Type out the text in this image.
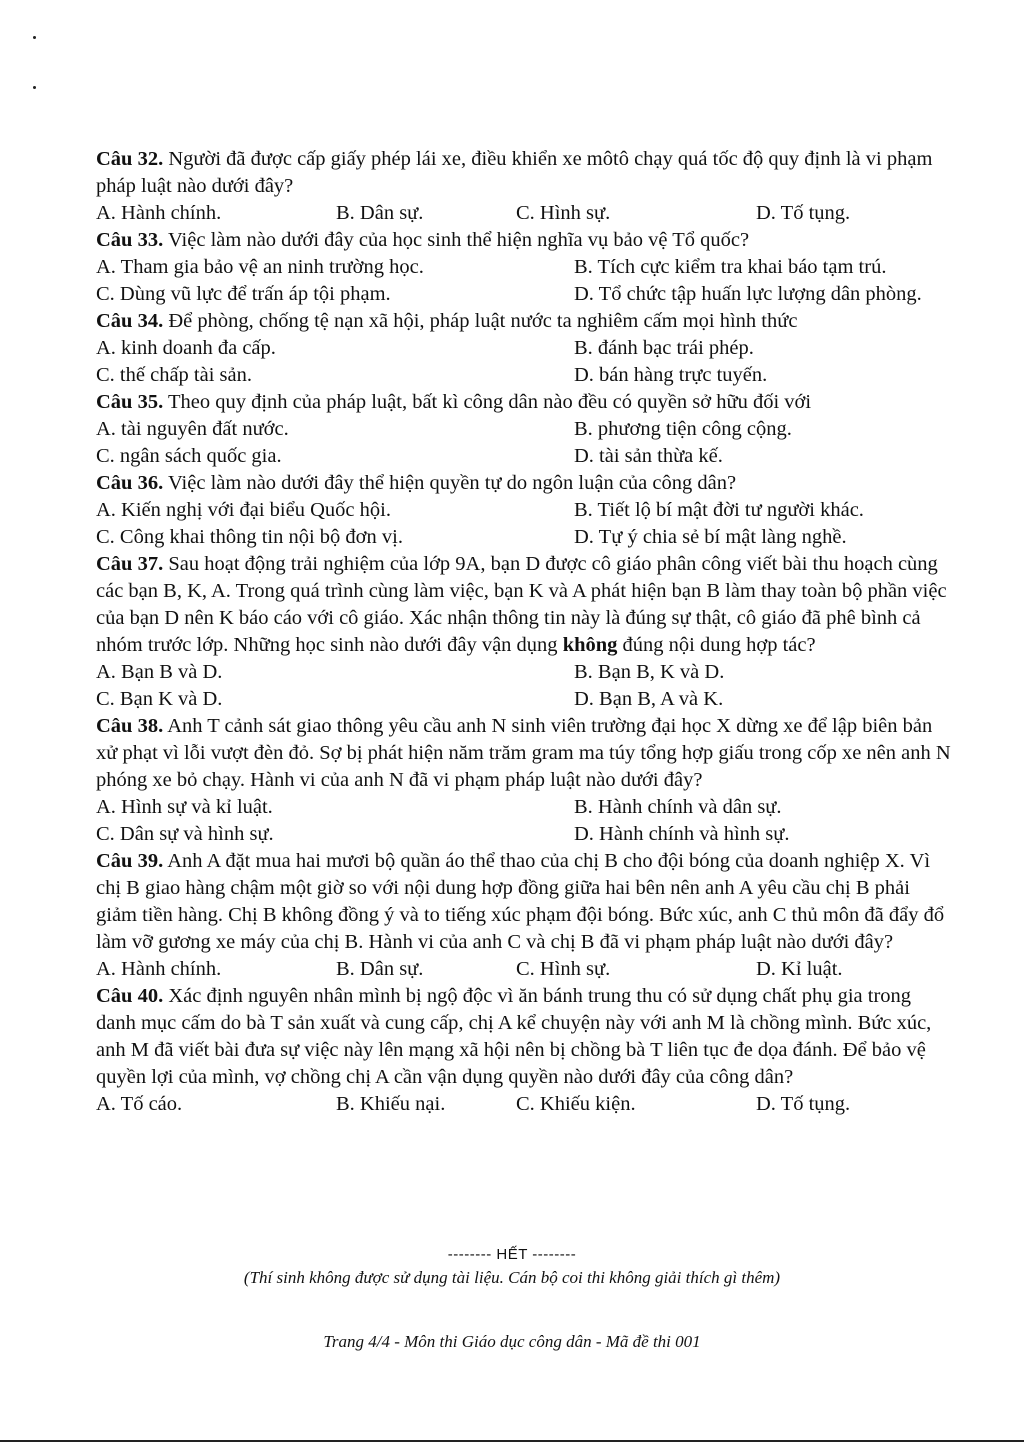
Câu 32. Người đã được cấp giấy phép lái xe, điều khiển xe môtô chạy quá tốc độ quy định là vi phạm pháp luật nào dưới đây?

A. Hành chính.	B. Dân sự.	C. Hình sự.	D. Tố tụng.

Câu 33. Việc làm nào dưới đây của học sinh thể hiện nghĩa vụ bảo vệ Tổ quốc?

A. Tham gia bảo vệ an ninh trường học.	B. Tích cực kiểm tra khai báo tạm trú.
C. Dùng vũ lực để trấn áp tội phạm.	D. Tổ chức tập huấn lực lượng dân phòng.

Câu 34. Để phòng, chống tệ nạn xã hội, pháp luật nước ta nghiêm cấm mọi hình thức

A. kinh doanh đa cấp.	B. đánh bạc trái phép.
C. thế chấp tài sản.	D. bán hàng trực tuyến.

Câu 35. Theo quy định của pháp luật, bất kì công dân nào đều có quyền sở hữu đối với

A. tài nguyên đất nước.	B. phương tiện công cộng.
C. ngân sách quốc gia.	D. tài sản thừa kế.

Câu 36. Việc làm nào dưới đây thể hiện quyền tự do ngôn luận của công dân?

A. Kiến nghị với đại biểu Quốc hội.	B. Tiết lộ bí mật đời tư người khác.
C. Công khai thông tin nội bộ đơn vị.	D. Tự ý chia sẻ bí mật làng nghề.

Câu 37. Sau hoạt động trải nghiệm của lớp 9A, bạn D được cô giáo phân công viết bài thu hoạch cùng các bạn B, K, A. Trong quá trình cùng làm việc, bạn K và A phát hiện bạn B làm thay toàn bộ phần việc của bạn D nên K báo cáo với cô giáo. Xác nhận thông tin này là đúng sự thật, cô giáo đã phê bình cả nhóm trước lớp. Những học sinh nào dưới đây vận dụng không đúng nội dung hợp tác?

A. Bạn B và D.	B. Bạn B, K và D.
C. Bạn K và D.	D. Bạn B, A và K.

Câu 38. Anh T cảnh sát giao thông yêu cầu anh N sinh viên trường đại học X dừng xe để lập biên bản xử phạt vì lỗi vượt đèn đỏ. Sợ bị phát hiện năm trăm gram ma túy tổng hợp giấu trong cốp xe nên anh N phóng xe bỏ chạy. Hành vi của anh N đã vi phạm pháp luật nào dưới đây?

A. Hình sự và kỉ luật.	B. Hành chính và dân sự.
C. Dân sự và hình sự.	D. Hành chính và hình sự.

Câu 39. Anh A đặt mua hai mươi bộ quần áo thể thao của chị B cho đội bóng của doanh nghiệp X. Vì chị B giao hàng chậm một giờ so với nội dung hợp đồng giữa hai bên nên anh A yêu cầu chị B phải giảm tiền hàng. Chị B không đồng ý và to tiếng xúc phạm đội bóng. Bức xúc, anh C thủ môn đã đẩy đổ làm vỡ gương xe máy của chị B. Hành vi của anh C và chị B đã vi phạm pháp luật nào dưới đây?

A. Hành chính.	B. Dân sự.	C. Hình sự.	D. Kỉ luật.

Câu 40. Xác định nguyên nhân mình bị ngộ độc vì ăn bánh trung thu có sử dụng chất phụ gia trong danh mục cấm do bà T sản xuất và cung cấp, chị A kể chuyện này với anh M là chồng mình. Bức xúc, anh M đã viết bài đưa sự việc này lên mạng xã hội nên bị chồng bà T liên tục đe dọa đánh. Để bảo vệ quyền lợi của mình, vợ chồng chị A cần vận dụng quyền nào dưới đây của công dân?

A. Tố cáo.	B. Khiếu nại.	C. Khiếu kiện.	D. Tố tụng.
-------- HẾT --------
(Thí sinh không được sử dụng tài liệu. Cán bộ coi thi không giải thích gì thêm)
Trang 4/4 - Môn thi Giáo dục công dân - Mã đề thi 001
